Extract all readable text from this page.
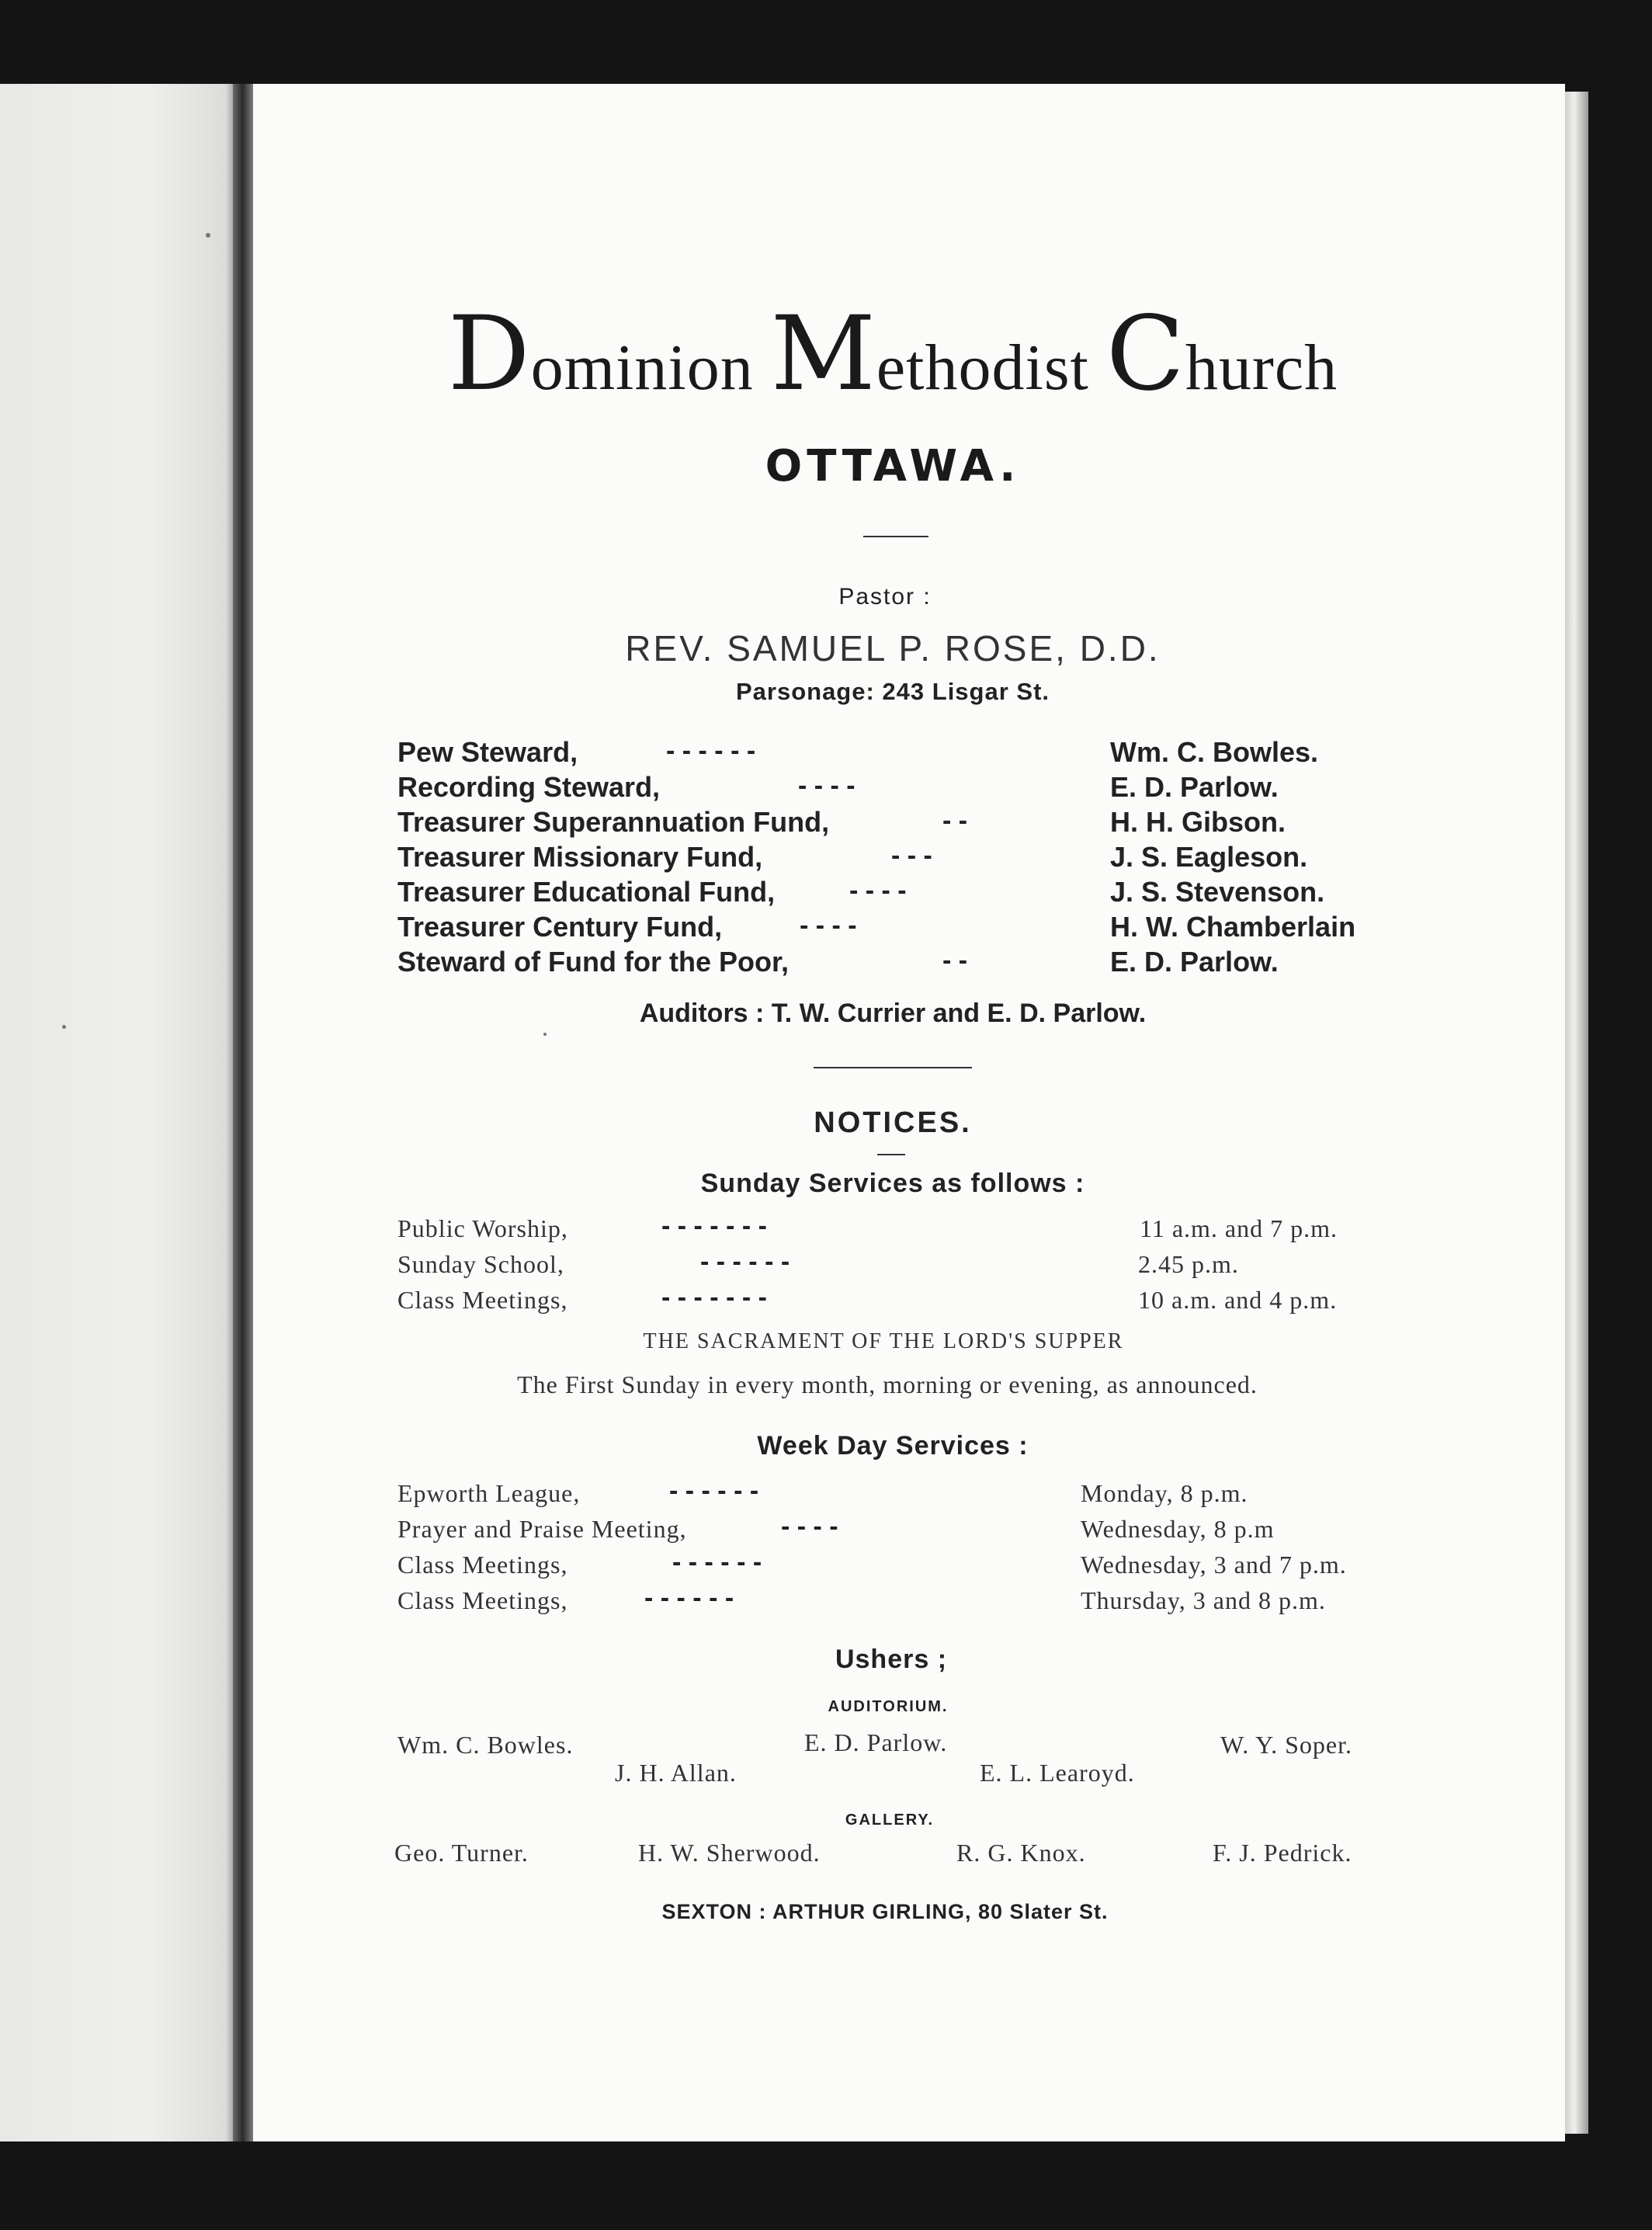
Dominion Methodist Church
OTTAWA.
Pastor :
REV. SAMUEL P. ROSE, D.D.
Parsonage: 243 Lisgar St.
Pew Steward,	- - - - - -	Wm. C. Bowles.
Recording Steward,	- - - -	E. D. Parlow.
Treasurer Superannuation Fund,	- -	H. H. Gibson.
Treasurer Missionary Fund,	- - -	J. S. Eagleson.
Treasurer Educational Fund,	- - - -	J. S. Stevenson.
Treasurer Century Fund,	- - - -	H. W. Chamberlain
Steward of Fund for the Poor,	- -	E. D. Parlow.
Auditors : T. W. Currier and E. D. Parlow.
NOTICES.
Sunday Services as follows :
Public Worship,	- - - - - - -	11 a.m. and 7 p.m.
Sunday School,	- - - - - -	2.45 p.m.
Class Meetings,	- - - - - - -	10 a.m. and 4 p.m.
THE SACRAMENT OF THE LORD'S SUPPER
The First Sunday in every month, morning or evening, as announced.
Week Day Services :
Epworth League,	- - - - - -	Monday, 8 p.m.
Prayer and Praise Meeting,	- - - -	Wednesday, 8 p.m
Class Meetings,	- - - - - -	Wednesday, 3 and 7 p.m.
Class Meetings,	- - - - - -	Thursday, 3 and 8 p.m.
Ushers ;
AUDITORIUM.
Wm. C. Bowles.	E. D. Parlow.	W. Y. Soper.
J. H. Allan.	E. L. Learoyd.
GALLERY.
Geo. Turner.	H. W. Sherwood.	R. G. Knox.	F. J. Pedrick.
SEXTON : ARTHUR GIRLING, 80 Slater St.
